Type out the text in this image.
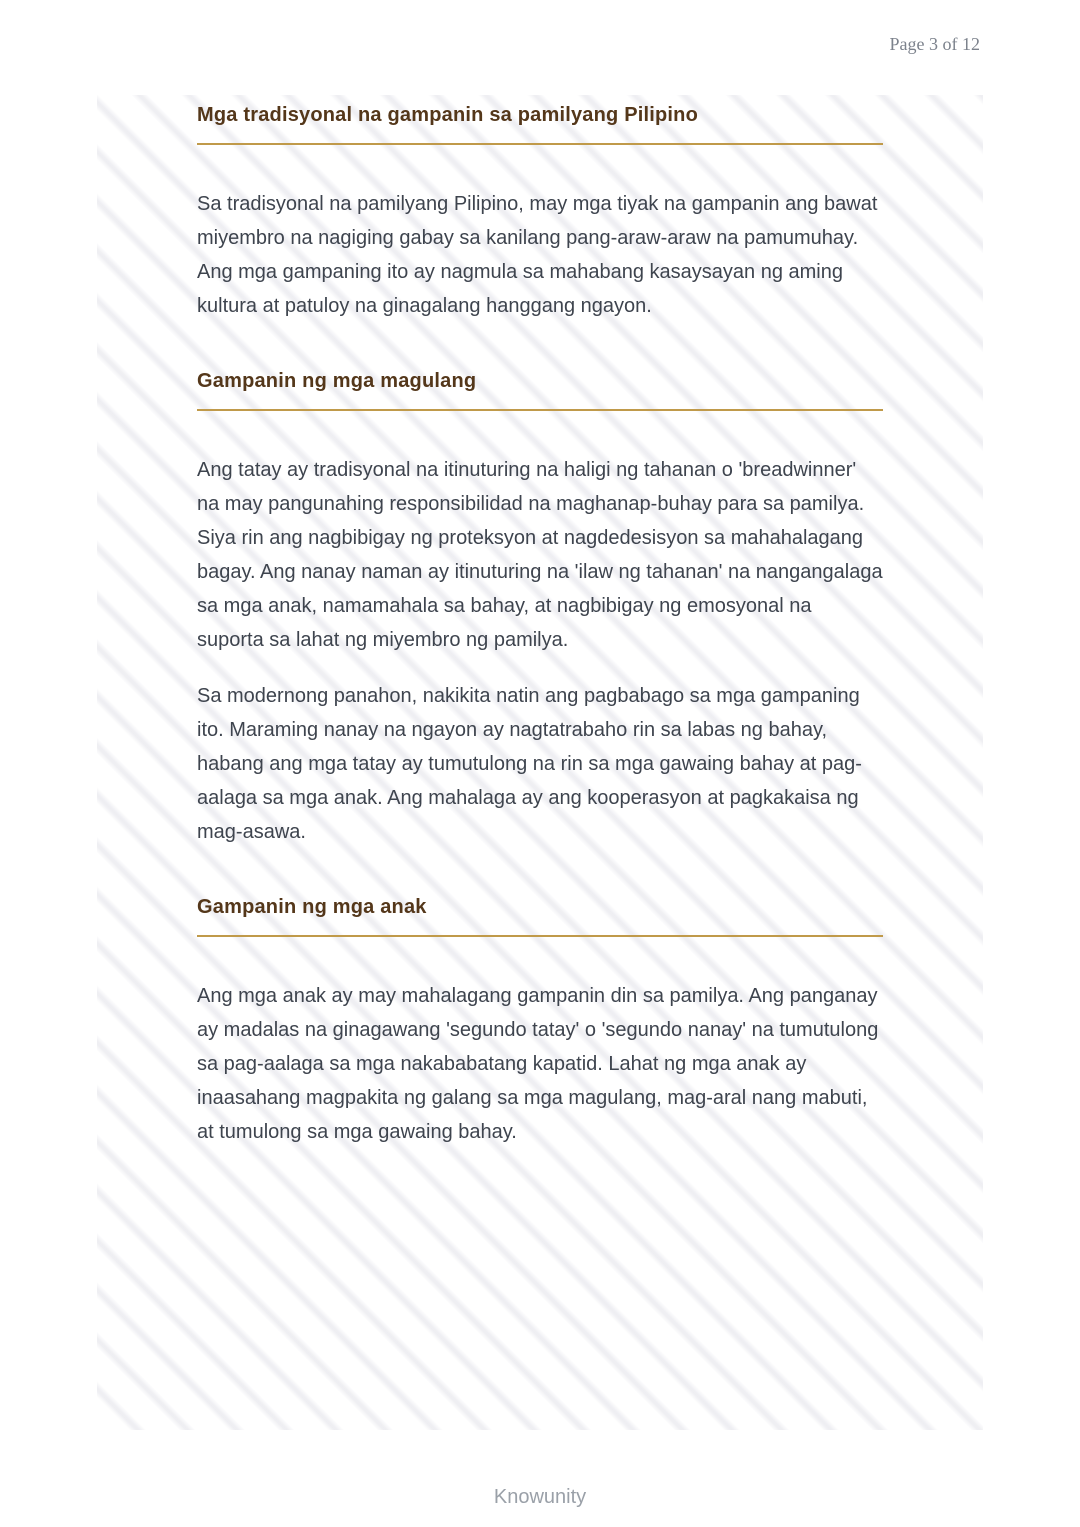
Page 3 of 12
Mga tradisyonal na gampanin sa pamilyang Pilipino

Sa tradisyonal na pamilyang Pilipino, may mga tiyak na gampanin ang bawat miyembro na nagiging gabay sa kanilang pang-araw-araw na pamumuhay. Ang mga gampaning ito ay nagmula sa mahabang kasaysayan ng aming kultura at patuloy na ginagalang hanggang ngayon.

Gampanin ng mga magulang

Ang tatay ay tradisyonal na itinuturing na haligi ng tahanan o 'breadwinner' na may pangunahing responsibilidad na maghanap-buhay para sa pamilya. Siya rin ang nagbibigay ng proteksyon at nagdedesisyon sa mahahalagang bagay. Ang nanay naman ay itinuturing na 'ilaw ng tahanan' na nangangalaga sa mga anak, namamahala sa bahay, at nagbibigay ng emosyonal na suporta sa lahat ng miyembro ng pamilya.

Sa modernong panahon, nakikita natin ang pagbabago sa mga gampaning ito. Maraming nanay na ngayon ay nagtatrabaho rin sa labas ng bahay, habang ang mga tatay ay tumutulong na rin sa mga gawaing bahay at pag-aalaga sa mga anak. Ang mahalaga ay ang kooperasyon at pagkakaisa ng mag-asawa.

Gampanin ng mga anak

Ang mga anak ay may mahalagang gampanin din sa pamilya. Ang panganay ay madalas na ginagawang 'segundo tatay' o 'segundo nanay' na tumutulong sa pag-aalaga sa mga nakababatang kapatid. Lahat ng mga anak ay inaasahang magpakita ng galang sa mga magulang, mag-aral nang mabuti, at tumulong sa mga gawaing bahay.

Knowunity
